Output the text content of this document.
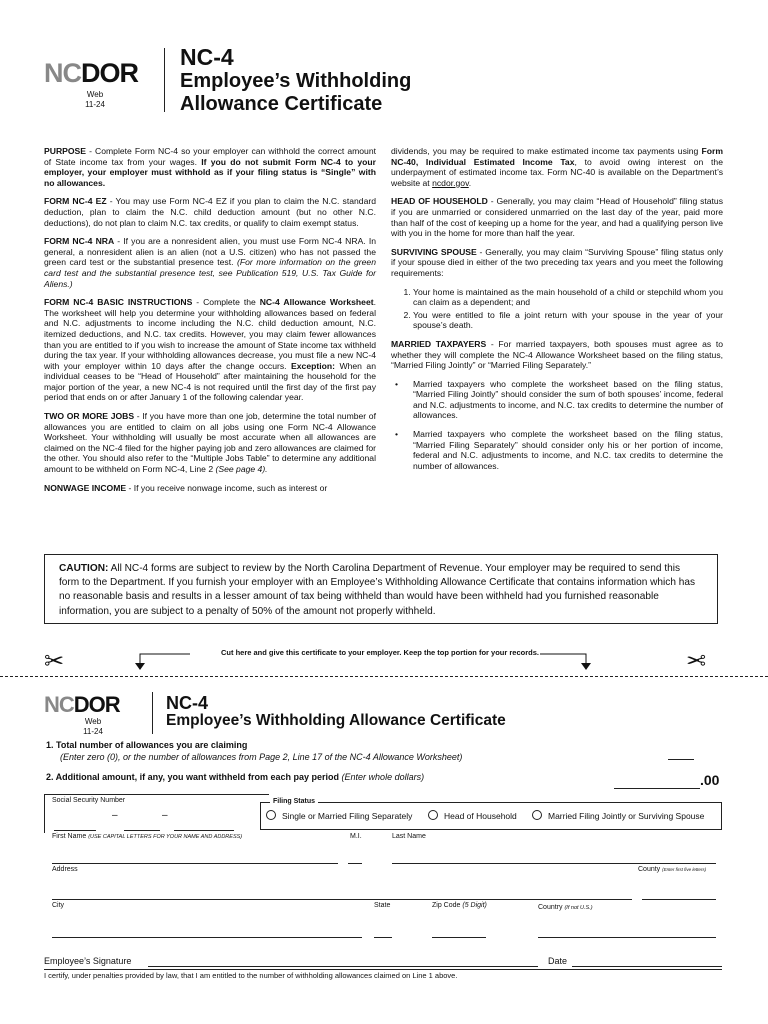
NCDOR
Web
11-24
NC-4
Employee’s Withholding
Allowance Certificate

PURPOSE - Complete Form NC-4 so your employer can withhold the correct amount of State income tax from your wages. If you do not submit Form NC-4 to your employer, your employer must withhold as if your filing status is “Single” with no allowances.

FORM NC-4 EZ - You may use Form NC-4 EZ if you plan to claim the N.C. standard deduction, plan to claim the N.C. child deduction amount (but no other N.C. deductions), do not plan to claim N.C. tax credits, or qualify to claim exempt status.

FORM NC-4 NRA - If you are a nonresident alien, you must use Form NC-4 NRA. In general, a nonresident alien is an alien (not a U.S. citizen) who has not passed the green card test or the substantial presence test. (For more information on the green card test and the substantial presence test, see Publication 519, U.S. Tax Guide for Aliens.)

FORM NC-4 BASIC INSTRUCTIONS - Complete the NC-4 Allowance Worksheet. The worksheet will help you determine your withholding allowances based on federal and N.C. adjustments to income including the N.C. child deduction amount, N.C. itemized deductions, and N.C. tax credits. However, you may claim fewer allowances than you are entitled to if you wish to increase the amount of State income tax withheld during the tax year. If your withholding allowances decrease, you must file a new NC-4 with your employer within 10 days after the change occurs. Exception: When an individual ceases to be “Head of Household” after maintaining the household for the major portion of the year, a new NC-4 is not required until the first day of the first pay period that ends on or after January 1 of the following calendar year.

TWO OR MORE JOBS - If you have more than one job, determine the total number of allowances you are entitled to claim on all jobs using one Form NC-4 Allowance Worksheet. Your withholding will usually be most accurate when all allowances are claimed on the NC-4 filed for the higher paying job and zero allowances are claimed for the other. You should also refer to the “Multiple Jobs Table” to determine any additional amount to be withheld on Form NC-4, Line 2 (See page 4).

NONWAGE INCOME - If you receive nonwage income, such as interest or

dividends, you may be required to make estimated income tax payments using Form NC-40, Individual Estimated Income Tax, to avoid owing interest on the underpayment of estimated income tax. Form NC-40 is available on the Department’s website at ncdor.gov.

HEAD OF HOUSEHOLD - Generally, you may claim “Head of Household” filing status if you are unmarried or considered unmarried on the last day of the year, paid more than half of the cost of keeping up a home for the year, and had a qualifying person live with you in the home for more than half the year.

SURVIVING SPOUSE - Generally, you may claim “Surviving Spouse” filing status only if your spouse died in either of the two preceding tax years and you meet the following requirements:

1. Your home is maintained as the main household of a child or stepchild whom you can claim as a dependent; and
2. You were entitled to file a joint return with your spouse in the year of your spouse’s death.

MARRIED TAXPAYERS - For married taxpayers, both spouses must agree as to whether they will complete the NC-4 Allowance Worksheet based on the filing status, “Married Filing Jointly” or “Married Filing Separately.”

• Married taxpayers who complete the worksheet based on the filing status, “Married Filing Jointly” should consider the sum of both spouses’ income, federal and N.C. adjustments to income, and N.C. tax credits to determine the number of allowances.
• Married taxpayers who complete the worksheet based on the filing status, “Married Filing Separately” should consider only his or her portion of income, federal and N.C. adjustments to income, and N.C. tax credits to determine the number of allowances.
CAUTION: All NC-4 forms are subject to review by the North Carolina Department of Revenue. Your employer may be required to send this form to the Department. If you furnish your employer with an Employee’s Withholding Allowance Certificate that contains information which has no reasonable basis and results in a lesser amount of tax being withheld than would have been withheld had you furnished reasonable information, you are subject to a penalty of 50% of the amount not properly withheld.
Cut here and give this certificate to your employer. Keep the top portion for your records.
✂	✂
NCDOR
Web
11-24
NC-4
Employee’s Withholding Allowance Certificate
1. Total number of allowances you are claiming
(Enter zero (0), or the number of allowances from Page 2, Line 17 of the NC-4 Allowance Worksheet)
2. Additional amount, if any, you want withheld from each pay period (Enter whole dollars)	.00
Social Security Number
–	–
Filing Status
Single or Married Filing Separately	Head of Household	Married Filing Jointly or Surviving Spouse
First Name (USE CAPITAL LETTERS FOR YOUR NAME AND ADDRESS)	M.I.	Last Name
Address	County (Enter first five letters)
City	State	Zip Code (5 Digit)	Country (If not U.S.)
Employee’s Signature	Date
I certify, under penalties provided by law, that I am entitled to the number of withholding allowances claimed on Line 1 above.
